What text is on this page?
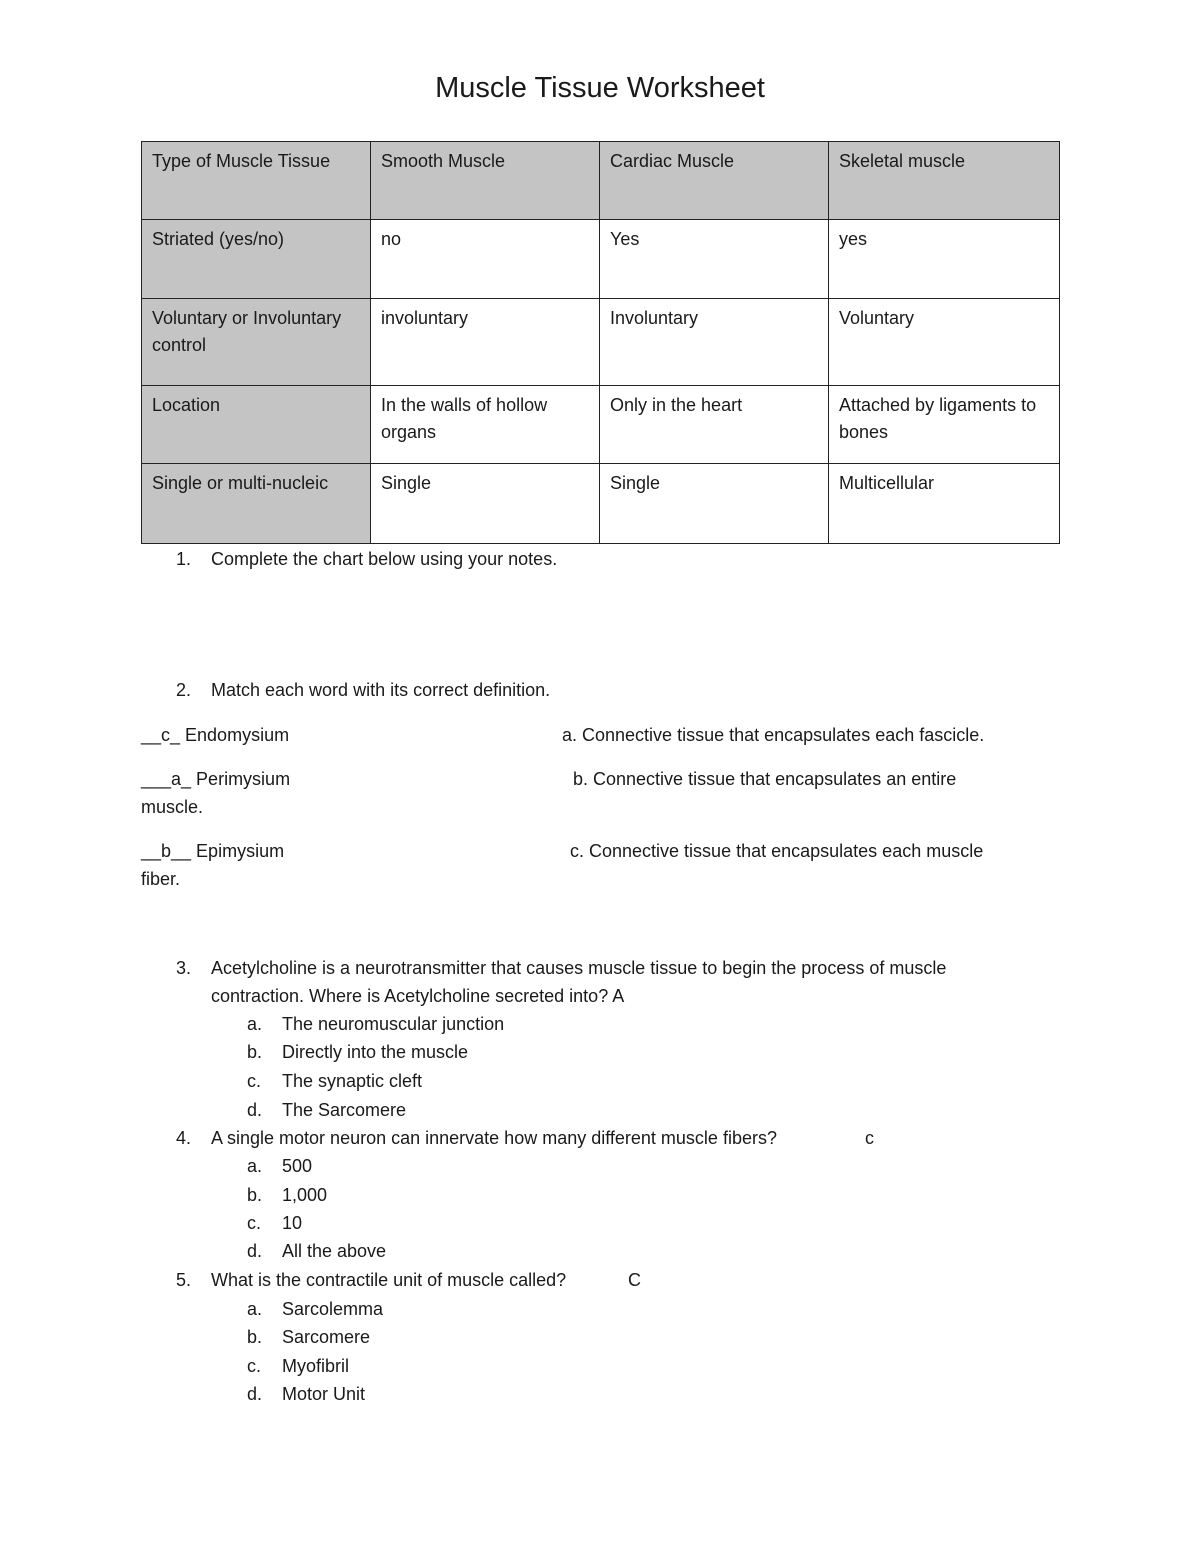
Muscle Tissue Worksheet
Type of Muscle Tissue	Smooth Muscle	Cardiac Muscle	Skeletal muscle
Striated (yes/no)	no	Yes	yes
Voluntary or Involuntary control	involuntary	Involuntary	Voluntary
Location	In the walls of hollow organs	Only in the heart	Attached by ligaments to bones
Single or multi-nucleic	Single	Single	Multicellular
1. Complete the chart below using your notes.
2. Match each word with its correct definition.
__c_ Endomysium	a. Connective tissue that encapsulates each fascicle.
___a_ Perimysium	b. Connective tissue that encapsulates an entire
muscle.
__b__ Epimysium	c. Connective tissue that encapsulates each muscle
fiber.
3. Acetylcholine is a neurotransmitter that causes muscle tissue to begin the process of muscle
contraction. Where is Acetylcholine secreted into? A
a. The neuromuscular junction
b. Directly into the muscle
c. The synaptic cleft
d. The Sarcomere
4. A single motor neuron can innervate how many different muscle fibers?	c
a. 500
b. 1,000
c. 10
d. All the above
5. What is the contractile unit of muscle called?	C
a. Sarcolemma
b. Sarcomere
c. Myofibril
d. Motor Unit
